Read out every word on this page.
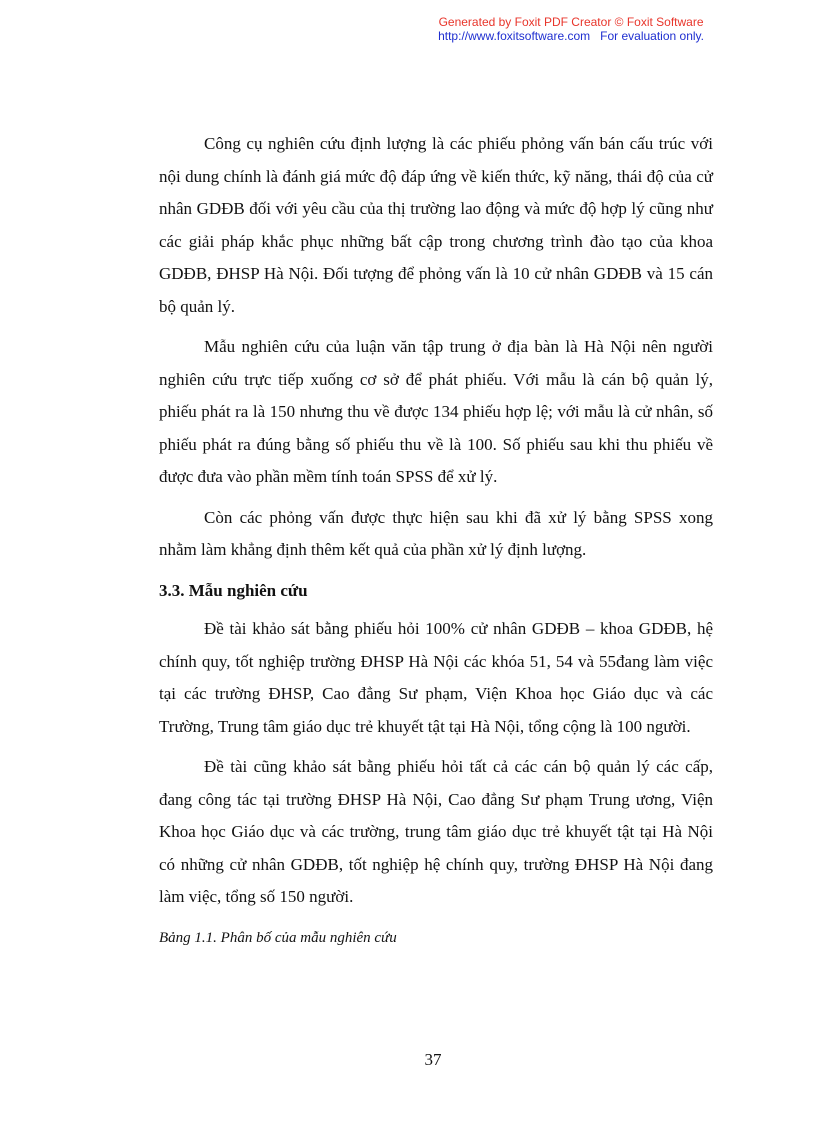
Generated by Foxit PDF Creator © Foxit Software
http://www.foxitsoftware.com For evaluation only.

Công cụ nghiên cứu định lượng là các phiếu phỏng vấn bán cấu trúc với nội dung chính là đánh giá mức độ đáp ứng về kiến thức, kỹ năng, thái độ của cử nhân GDĐB đối với yêu cầu của thị trường lao động và mức độ hợp lý cũng như các giải pháp khắc phục những bất cập trong chương trình đào tạo của khoa GDĐB, ĐHSP Hà Nội. Đối tượng để phỏng vấn là 10 cử nhân GDĐB và 15 cán bộ quản lý.

Mẫu nghiên cứu của luận văn tập trung ở địa bàn là Hà Nội nên người nghiên cứu trực tiếp xuống cơ sở để phát phiếu. Với mẫu là cán bộ quản lý, phiếu phát ra là 150 nhưng thu về được 134 phiếu hợp lệ; với mẫu là cử nhân, số phiếu phát ra đúng bằng số phiếu thu về là 100. Số phiếu sau khi thu phiếu về được đưa vào phần mềm tính toán SPSS để xử lý.

Còn các phỏng vấn được thực hiện sau khi đã xử lý bằng SPSS xong nhằm làm khẳng định thêm kết quả của phần xử lý định lượng.

3.3. Mẫu nghiên cứu

Đề tài khảo sát bằng phiếu hỏi 100% cử nhân GDĐB – khoa GDĐB, hệ chính quy, tốt nghiệp trường ĐHSP Hà Nội các khóa 51, 54 và 55đang làm việc tại các trường ĐHSP, Cao đẳng Sư phạm, Viện Khoa học Giáo dục và các Trường, Trung tâm giáo dục trẻ khuyết tật tại Hà Nội, tổng cộng là 100 người.

Đề tài cũng khảo sát bằng phiếu hỏi tất cả các cán bộ quản lý các cấp, đang công tác tại trường ĐHSP Hà Nội, Cao đẳng Sư phạm Trung ương, Viện Khoa học Giáo dục và các trường, trung tâm giáo dục trẻ khuyết tật tại Hà Nội có những cử nhân GDĐB, tốt nghiệp hệ chính quy, trường ĐHSP Hà Nội đang làm việc, tổng số 150 người.

Bảng 1.1. Phân bố của mẫu nghiên cứu

37
